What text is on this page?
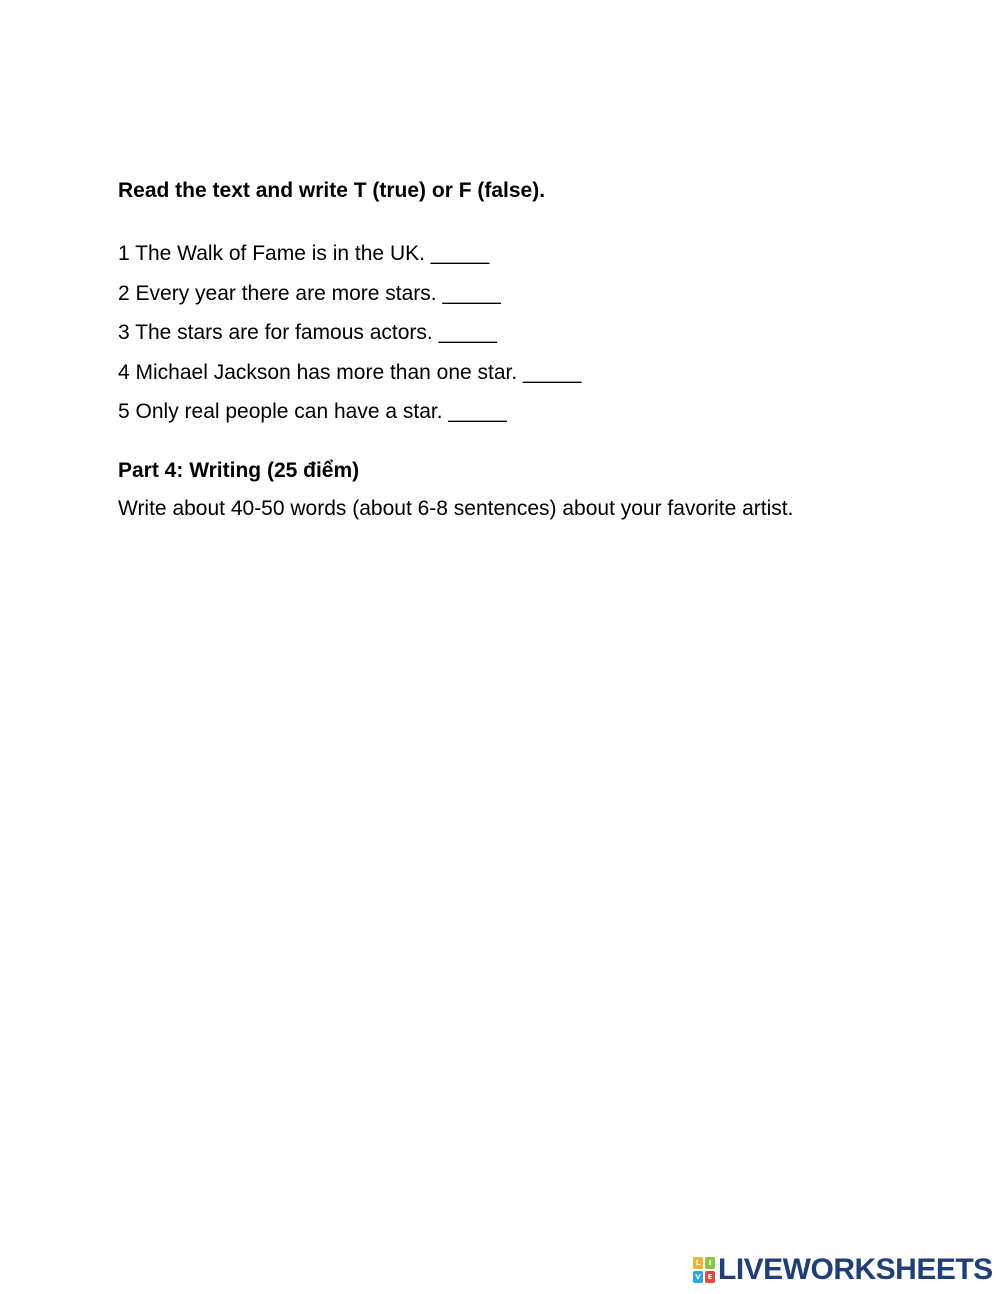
Read the text and write T (true) or F (false).

1 The Walk of Fame is in the UK. _____

2 Every year there are more stars. _____

3 The stars are for famous actors. _____

4 Michael Jackson has more than one star. _____

5 Only real people can have a star. _____

Part 4: Writing (25 điểm)

Write about 40-50 words (about 6-8 sentences) about your favorite artist.

L	I
V E LIVEWORKSHEETS
